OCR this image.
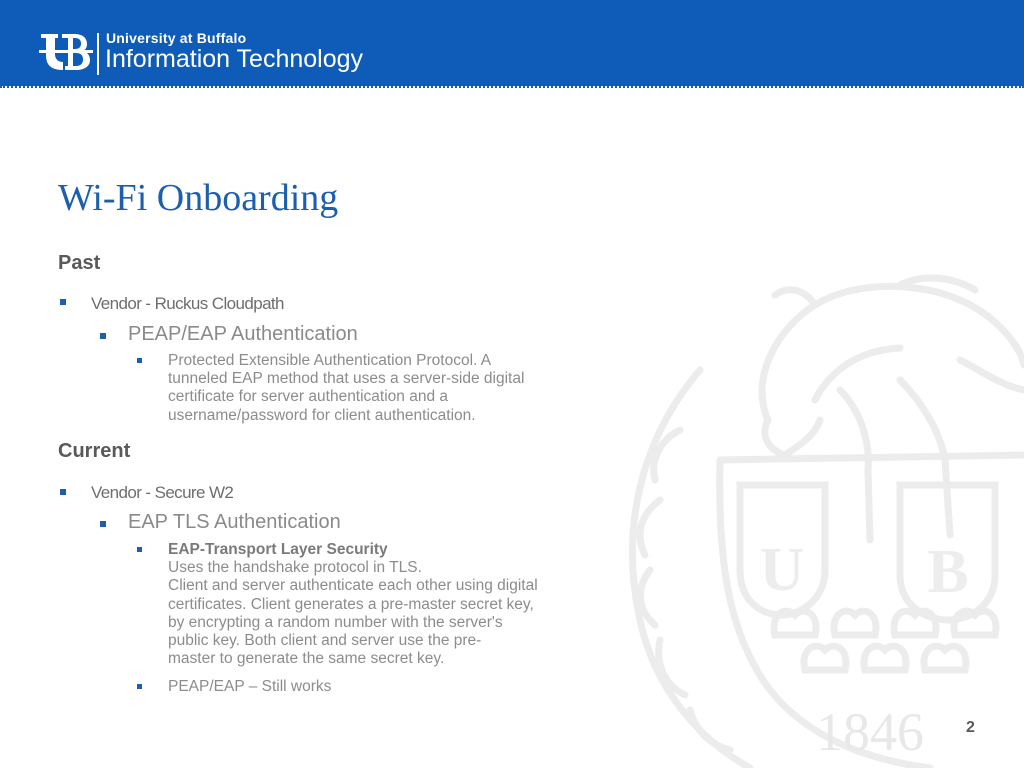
University at Buffalo
Information Technology
U B
1846
Wi-Fi Onboarding
Past
Vendor - Ruckus Cloudpath
PEAP/EAP Authentication
Protected Extensible Authentication Protocol. A
tunneled EAP method that uses a server-side digital
certificate for server authentication and a
username/password for client authentication.
Current
Vendor - Secure W2
EAP TLS Authentication
EAP-Transport Layer Security
Uses the handshake protocol in TLS.
Client and server authenticate each other using digital
certificates. Client generates a pre-master secret key,
by encrypting a random number with the server's
public key. Both client and server use the pre-
master to generate the same secret key.
PEAP/EAP – Still works
2
